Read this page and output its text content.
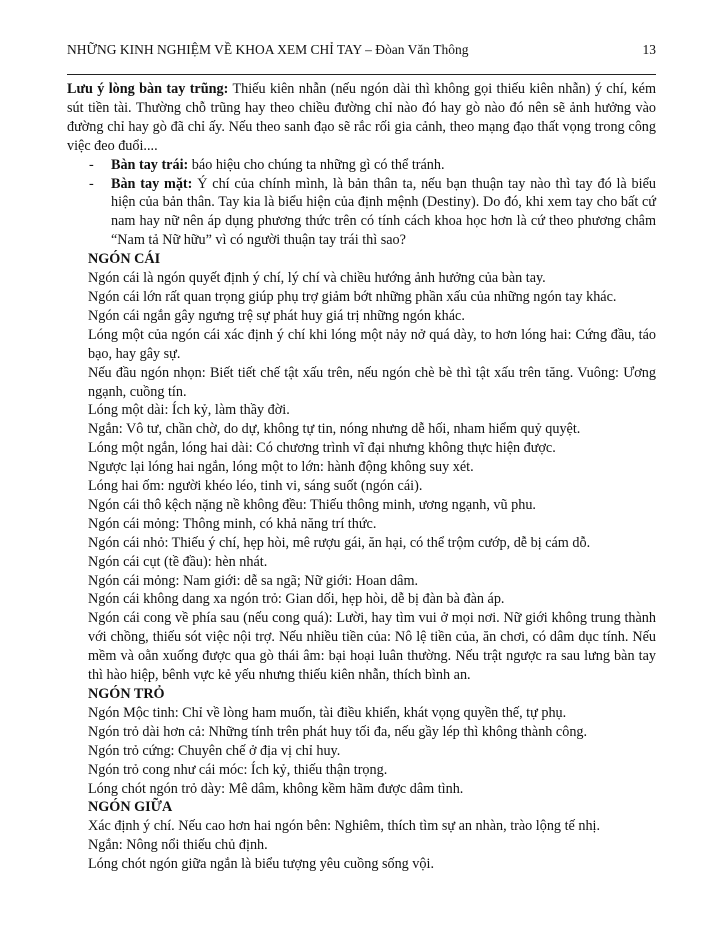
NHỮNG KINH NGHIỆM VỀ KHOA XEM CHỈ TAY – Đòan Văn Thông	13

Lưu ý lòng bàn tay trũng: Thiếu kiên nhẫn (nếu ngón dài thì không gọi thiếu kiên nhẫn) ý chí, kém sút tiền tài. Thường chỗ trũng hay theo chiều đường chỉ nào đó hay gò nào đó nên sẽ ảnh hưởng vào đường chỉ hay gò đã chỉ ấy. Nếu theo sanh đạo sẽ rắc rối gia cảnh, theo mạng đạo thất vọng trong công việc đeo đuổi....

- Bàn tay trái: báo hiệu cho chúng ta những gì có thể tránh.
- Bàn tay mặt: Ý chí của chính mình, là bản thân ta, nếu bạn thuận tay nào thì tay đó là biểu hiện của bản thân. Tay kia là biểu hiện của định mệnh (Destiny). Do đó, khi xem tay cho bất cứ nam hay nữ nên áp dụng phương thức trên có tính cách khoa học hơn là cứ theo phương châm “Nam tả Nữ hữu” vì có người thuận tay trái thì sao?

NGÓN CÁI

Ngón cái là ngón quyết định ý chí, lý chí và chiều hướng ảnh hưởng của bàn tay.

Ngón cái lớn rất quan trọng giúp phụ trợ giảm bớt những phần xấu của những ngón tay khác.

Ngón cái ngắn gây ngưng trệ sự phát huy giá trị những ngón khác.

Lóng một của ngón cái xác định ý chí khi lóng một nảy nở quá dày, to hơn lóng hai: Cứng đầu, táo bạo, hay gây sự.

Nếu đầu ngón nhọn: Biết tiết chế tật xấu trên, nếu ngón chè bè thì tật xấu trên tăng. Vuông: Ương ngạnh, cuồng tín.

Lóng một dài: Ích kỷ, làm thầy đời.

Ngắn: Vô tư, chần chờ, do dự, không tự tin, nóng nhưng dễ hối, nham hiểm quỷ quyệt.

Lóng một ngắn, lóng hai dài: Có chương trình vĩ đại nhưng không thực hiện được.

Ngược lại lóng hai ngắn, lóng một to lớn: hành động không suy xét.

Lóng hai ốm: người khéo léo, tinh vi, sáng suốt (ngón cái).

Ngón cái thô kệch nặng nề không đều: Thiếu thông minh, ương ngạnh, vũ phu.

Ngón cái mỏng: Thông minh, có khả năng trí thức.

Ngón cái nhỏ: Thiếu ý chí, hẹp hòi, mê rượu gái, ăn hại, có thể trộm cướp, dễ bị cám dỗ.

Ngón cái cụt (tề đầu): hèn nhát.

Ngón cái mỏng: Nam giới: dễ sa ngã; Nữ giới: Hoan dâm.

Ngón cái không dang xa ngón trỏ: Gian dối, hẹp hòi, dễ bị đàn bà đàn áp.

Ngón cái cong về phía sau (nếu cong quá): Lười, hay tìm vui ở mọi nơi. Nữ giới không trung thành với chồng, thiếu sót việc nội trợ. Nếu nhiều tiền của: Nô lệ tiền của, ăn chơi, có dâm dục tính. Nếu mềm và oằn xuống được qua gò thái âm: bại hoại luân thường. Nếu trật ngược ra sau lưng bàn tay thì hào hiệp, bênh vực kẻ yếu nhưng thiếu kiên nhẫn, thích bình an.

NGÓN TRỎ

Ngón Mộc tinh: Chỉ về lòng ham muốn, tài điều khiển, khát vọng quyền thế, tự phụ.

Ngón trỏ dài hơn cả: Những tính trên phát huy tối đa, nếu gầy lép thì không thành công.

Ngón trỏ cứng: Chuyên chế ở địa vị chỉ huy.

Ngón trỏ cong như cái móc: Ích kỷ, thiếu thận trọng.

Lóng chót ngón trỏ dày: Mê dâm, không kềm hãm được dâm tình.

NGÓN GIỮA

Xác định ý chí. Nếu cao hơn hai ngón bên: Nghiêm, thích tìm sự an nhàn, trào lộng tế nhị.

Ngắn: Nông nổi thiếu chủ định.

Lóng chót ngón giữa ngắn là biểu tượng yêu cuồng sống vội.
